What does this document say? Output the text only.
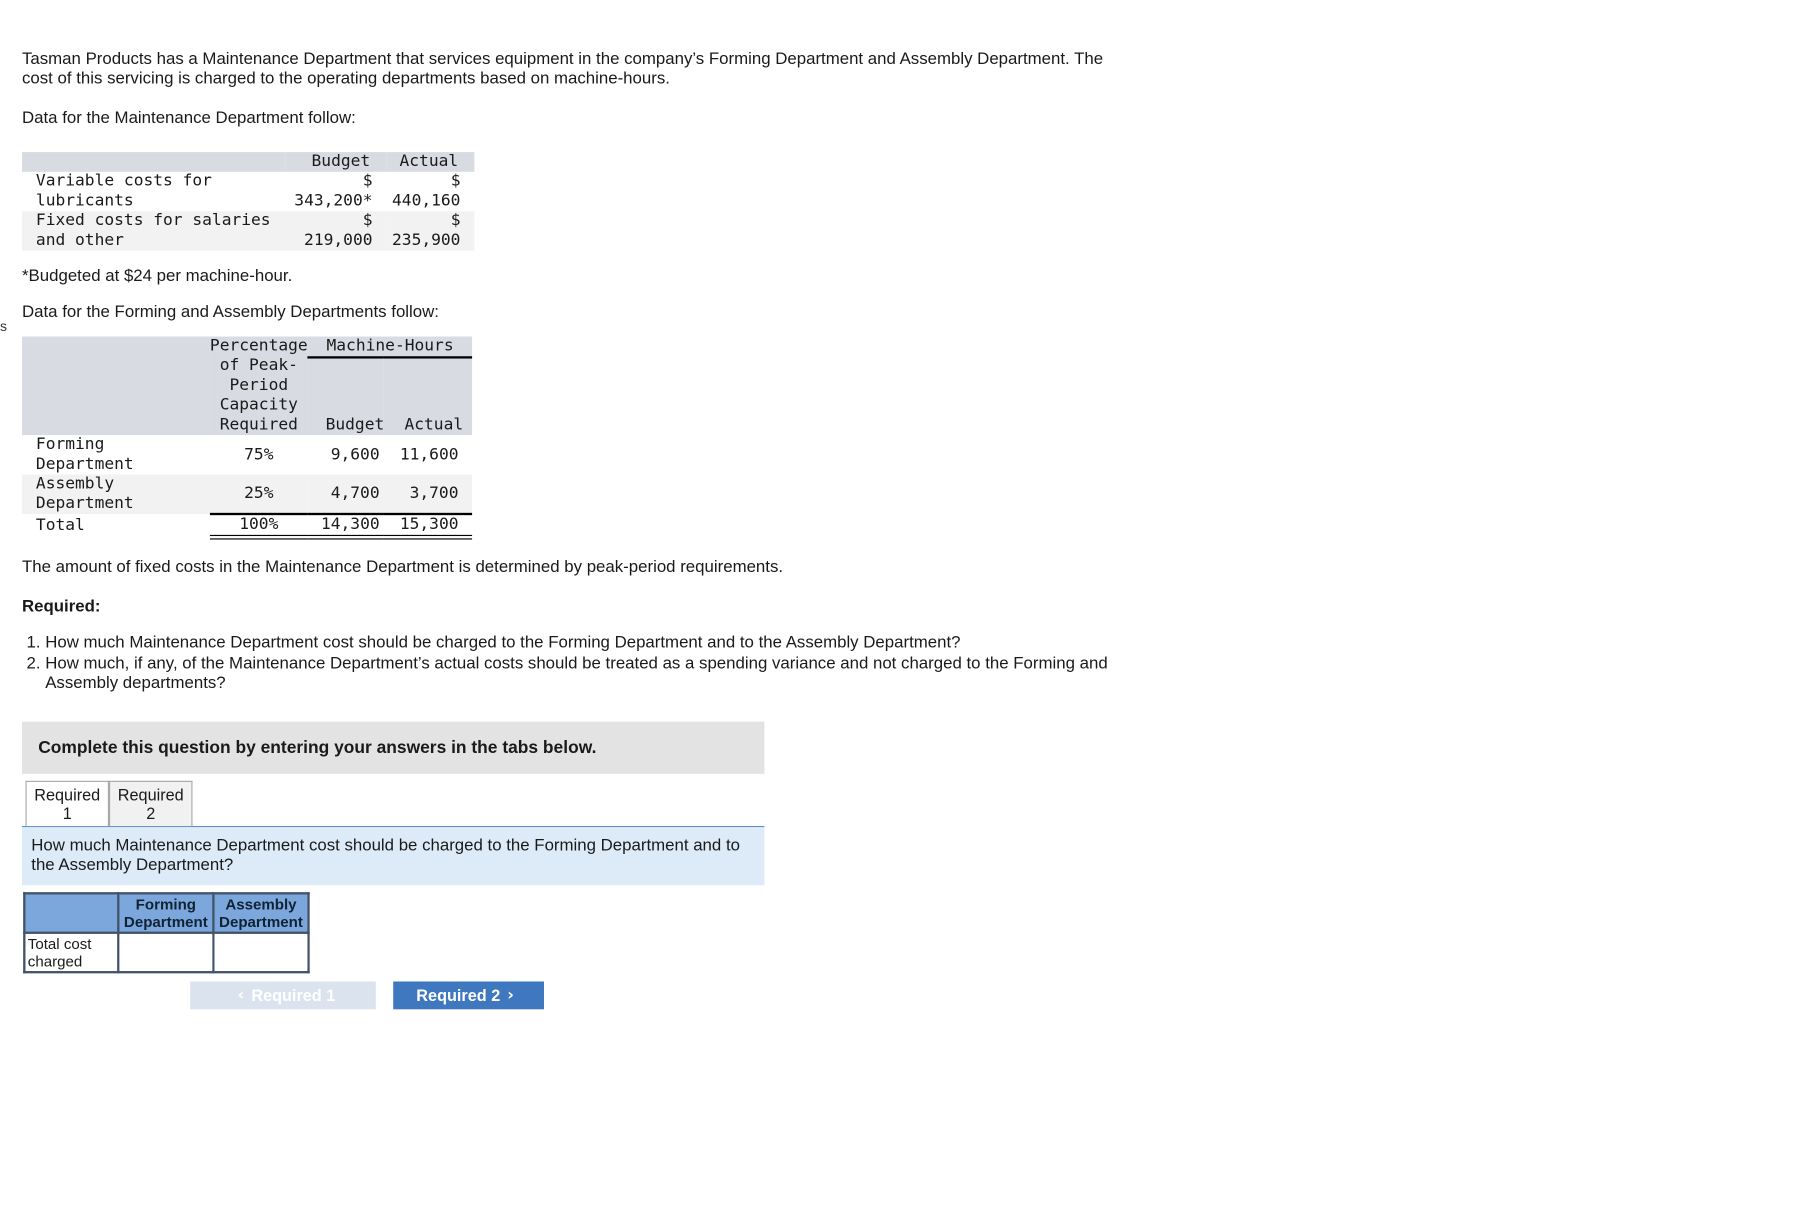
s

Tasman Products has a Maintenance Department that services equipment in the company’s Forming Department and Assembly Department. The cost of this servicing is charged to the operating departments based on machine-hours.

Data for the Maintenance Department follow:

	Budget	Actual
Variable costs for lubricants	$ 343,200*	$ 440,160
Fixed costs for salaries and other	$ 219,000	$ 235,900

*Budgeted at $24 per machine-hour.

Data for the Forming and Assembly Departments follow:

	Percentage of Peak-Period Capacity Required	Machine-Hours	
		Budget	Actual
Forming Department	75%	9,600	11,600
Assembly Department	25%	4,700	3,700
Total	100%	14,300	15,300

The amount of fixed costs in the Maintenance Department is determined by peak-period requirements.

Required:

1. How much Maintenance Department cost should be charged to the Forming Department and to the Assembly Department?
2. How much, if any, of the Maintenance Department’s actual costs should be treated as a spending variance and not charged to the Forming and Assembly departments?
Complete this question by entering your answers in the tabs below.
Required 1
Required 2
How much Maintenance Department cost should be charged to the Forming Department and to the Assembly Department?
	Forming Department	Assembly Department
Total cost charged		
‹ Required 1	Required 2 ›
